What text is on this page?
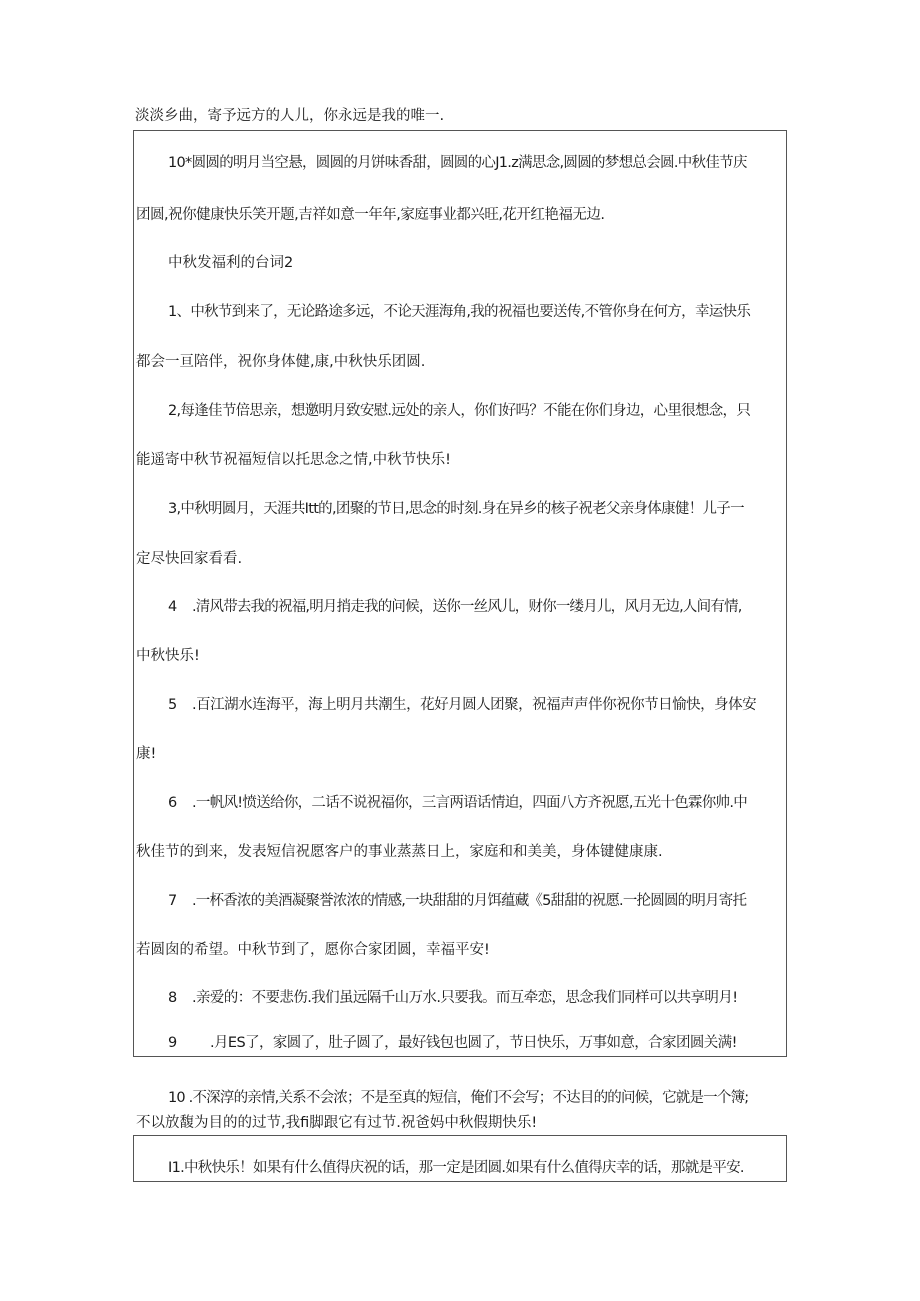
淡淡乡曲，寄予远方的人儿，你永远是我的唯一.
10*圆圆的明月当空悬，圆圆的月饼味香甜，圆圆的心J1.z满思念,圆圆的梦想总会圆.中秋佳节庆
团圆,祝你健康快乐笑开题,吉祥如意一年年,家庭事业都兴旺,花开红艳福无边.
中秋发福利的台词2
1、中秋节到来了，无论路途多远，不论天涯海角,我的祝福也要送传,不管你身在何方，幸运快乐
都会一亘陪伴，祝你身体健,康,中秋快乐团圆.
2,每逢佳节倍思亲，想邀明月致安慰.远处的亲人，你们好吗？不能在你们身边，心里很想念，只
能遥寄中秋节祝福短信以托思念之情,中秋节快乐!
3,中秋明圆月，天涯共Itt的,团聚的节日,思念的时刻.身在异乡的核子祝老父亲身体康健！儿子一
定尽快回家看看.
4 .清风带去我的祝福,明月捎走我的问候，送你一丝风儿，财你一缕月儿，风月无边,人间有情,
中秋快乐!
5 .百江湖水连海平，海上明月共潮生，花好月圆人团聚，祝福声声伴你祝你节日愉快，身体安
康!
6 .一帆风!愤送给你，二话不说祝福你，三言两语话情迫，四面八方齐祝愿,五光十色霖你帅.中
秋佳节的到来，发表短信祝愿客户的事业蒸蒸日上，家庭和和美美，身体键健康康.
7 .一杯香浓的美酒凝聚誉浓浓的情感,一块甜甜的月饵蕴藏《5甜甜的祝愿.一抡圆圆的明月寄托
若圆囱的希望。中秋节到了，愿你合家团圆，幸福平安!
8 .亲爱的：不要悲伤.我们虽远隔千山万水.只要我。而互牵恋，思念我们同样可以共享明月!
9 .月ES了，家圆了，肚子圆了，最好钱包也圆了，节日快乐，万事如意，合家团圆关满!
10 .不深淳的亲情,关系不会浓；不是至真的短信，俺们不会写；不达目的的问候，它就是一个簿;
不以放馥为目的的过节,我fi脚跟它有过节.祝爸妈中秋假期快乐!
I1.中秋快乐！如果有什么值得庆祝的话，那一定是团圆.如果有什么值得庆幸的话，那就是平安.
